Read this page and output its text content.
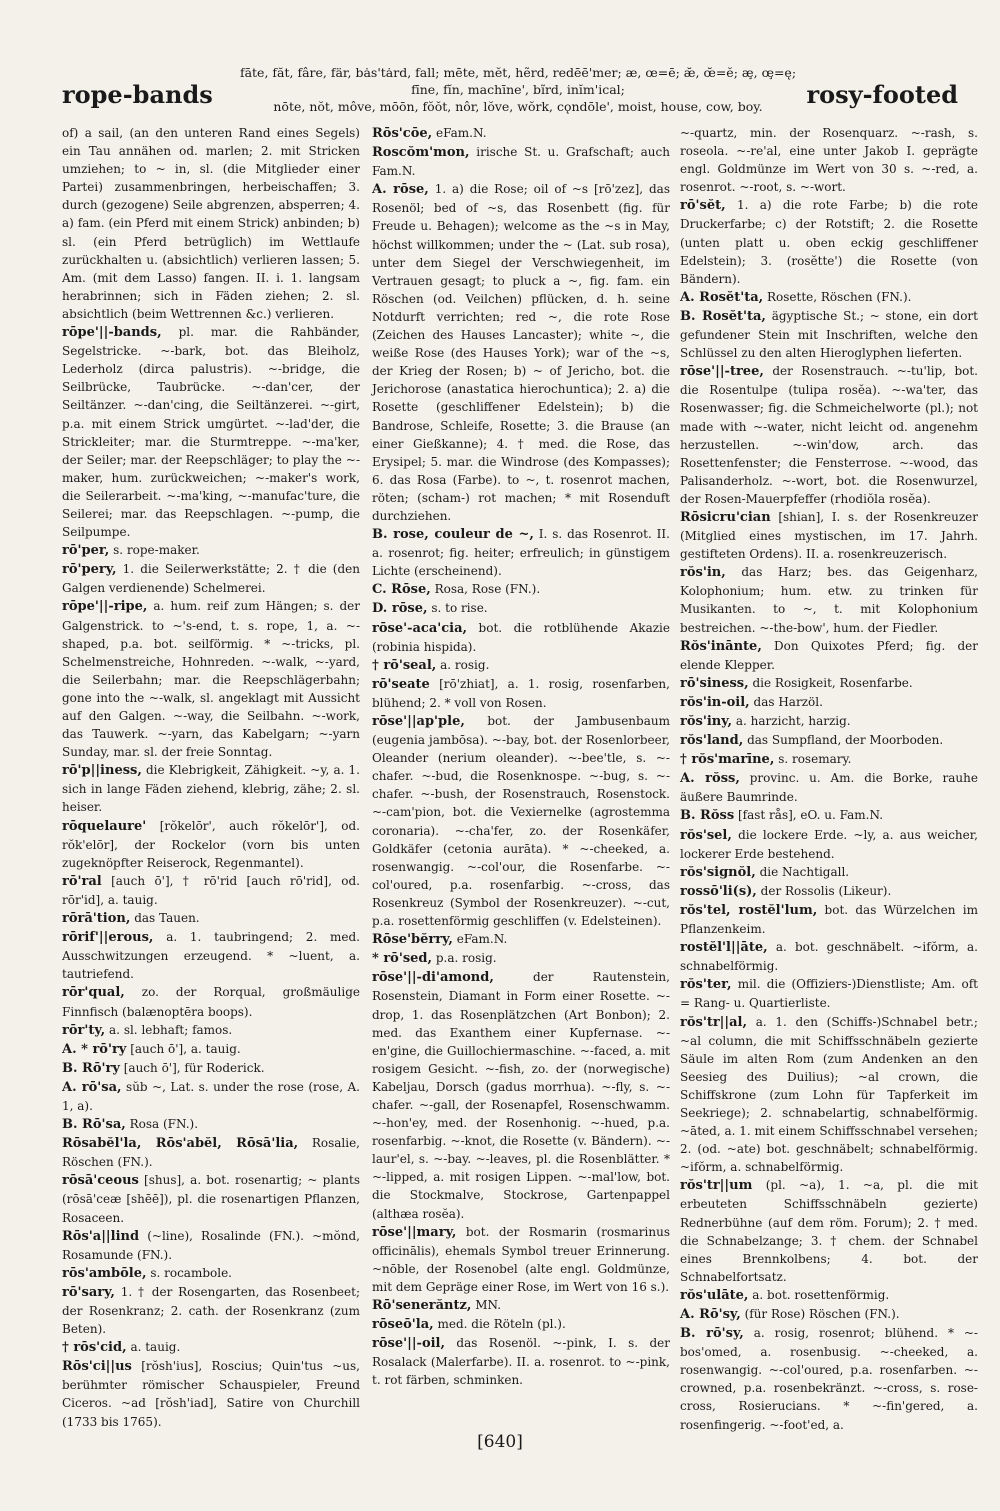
rope-bands
fāte, făt, fâre, fär, bȧs'tȧrd, fall; mēte, mĕt, hẽrd, redēē'mer; æ, œ=ē; æ̆, œ̆=ĕ; æ̧, œ̧=ę;
fīne, fĭn, machīne', bĩrd, inĭm'ical;
nōte, nŏt, môve, mōōn, fŏŏt, nôr, lŏve, wŏrk, cǫndōle', moist, house, cow, boy.	rosy-footed

of) a sail, (an den unteren Rand eines Segels) ein Tau annähen od. marlen; 2. mit Stricken umziehen; to ~ in, sl. (die Mitglieder einer Partei) zusammenbringen, herbeischaffen; 3. durch (gezogene) Seile abgrenzen, absperren; 4. a) fam. (ein Pferd mit einem Strick) anbinden; b) sl. (ein Pferd betrüglich) im Wettlaufe zurückhalten u. (absichtlich) verlieren lassen; 5. Am. (mit dem Lasso) fangen. II. i. 1. langsam herabrinnen; sich in Fäden ziehen; 2. sl. absichtlich (beim Wettrennen &c.) verlieren.

rōpe'||-bands, pl. mar. die Rahbänder, Segelstricke. ~-bark, bot. das Bleiholz, Lederholz (dirca palustris). ~-bridge, die Seilbrücke, Taubrücke. ~-dan'cer, der Seiltänzer. ~-dan'cing, die Seiltänzerei. ~-girt, p.a. mit einem Strick umgürtet. ~-lad'der, die Strickleiter; mar. die Sturmtreppe. ~-ma'ker, der Seiler; mar. der Reepschläger; to play the ~-maker, hum. zurückweichen; ~-maker's work, die Seilerarbeit. ~-ma'king, ~-manufac'ture, die Seilerei; mar. das Reepschlagen. ~-pump, die Seilpumpe.

rō'per, s. rope-maker.

rō'pery, 1. die Seilerwerkstätte; 2. † die (den Galgen verdienende) Schelmerei.

rōpe'||-ripe, a. hum. reif zum Hängen; s. der Galgenstrick. to ~'s-end, t. s. rope, 1, a. ~-shaped, p.a. bot. seilförmig. * ~-tricks, pl. Schelmenstreiche, Hohnreden. ~-walk, ~-yard, die Seilerbahn; mar. die Reepschlägerbahn; gone into the ~-walk, sl. angeklagt mit Aussicht auf den Galgen. ~-way, die Seilbahn. ~-work, das Tauwerk. ~-yarn, das Kabelgarn; ~-yarn Sunday, mar. sl. der freie Sonntag.

rō'p||iness, die Klebrigkeit, Zähigkeit. ~y, a. 1. sich in lange Fäden ziehend, klebrig, zähe; 2. sl. heiser.

rōquelaure' [rŏkelōr', auch rŏkelōr'], od. rŏk'elōr], der Rockelor (vorn bis unten zugeknöpfter Reiserock, Regenmantel).

rō'ral [auch ō'], † rō'rid [auch rō'rid], od. rōr'id], a. tauig.

rōrā'tion, das Tauen.

rōrif'||erous, a. 1. taubringend; 2. med. Ausschwitzungen erzeugend. * ~luent, a. tautriefend.

rōr'qual, zo. der Rorqual, großmäulige Finnfisch (balænoptēra boops).

rōr'ty, a. sl. lebhaft; famos.

A. * rō'ry [auch ō'], a. tauig.

B. Rō'ry [auch ō'], für Roderick.

A. rō'sa, sŭb ~, Lat. s. under the rose (rose, A. 1, a).

B. Rō'sa, Rosa (FN.).

Rōsabĕl'la, Rōs'abĕl, Rōsā'lia, Rosalie, Röschen (FN.).

rōsā'ceous [shus], a. bot. rosenartig; ~ plants (rōsā'ceæ [shēē]), pl. die rosenartigen Pflanzen, Rosaceen.

Rōs'a||lind (~line), Rosalinde (FN.). ~mŏnd, Rosamunde (FN.).

rōs'ambōle, s. rocambole.

rō'sary, 1. † der Rosengarten, das Rosenbeet; der Rosenkranz; 2. cath. der Rosenkranz (zum Beten).

† rōs'cid, a. tauig.

Rōs'ci||us [rŏsh'ius], Roscius; Quin'tus ~us, berühmter römischer Schauspieler, Freund Ciceros. ~ad [rŏsh'iad], Satire von Churchill (1733 bis 1765).

Rōs'cōe, eFam.N.

Roscŏm'mon, irische St. u. Grafschaft; auch Fam.N.

A. rōse, 1. a) die Rose; oil of ~s [rō'zez], das Rosenöl; bed of ~s, das Rosenbett (fig. für Freude u. Behagen); welcome as the ~s in May, höchst willkommen; under the ~ (Lat. sub rosa), unter dem Siegel der Verschwiegenheit, im Vertrauen gesagt; to pluck a ~, fig. fam. ein Röschen (od. Veilchen) pflücken, d. h. seine Notdurft verrichten; red ~, die rote Rose (Zeichen des Hauses Lancaster); white ~, die weiße Rose (des Hauses York); war of the ~s, der Krieg der Rosen; b) ~ of Jericho, bot. die Jerichorose (anastatica hierochuntica); 2. a) die Rosette (geschliffener Edelstein); b) die Bandrose, Schleife, Rosette; 3. die Brause (an einer Gießkanne); 4. † med. die Rose, das Erysipel; 5. mar. die Windrose (des Kompasses); 6. das Rosa (Farbe). to ~, t. rosenrot machen, röten; (scham-) rot machen; * mit Rosenduft durchziehen.

B. rose, couleur de ~, I. s. das Rosenrot. II. a. rosenrot; fig. heiter; erfreulich; in günstigem Lichte (erscheinend).

C. Rōse, Rosa, Rose (FN.).

D. rōse, s. to rise.

rōse'-aca'cia, bot. die rotblühende Akazie (robinia hispida).

† rō'seal, a. rosig.

rō'seate [rō'zhiat], a. 1. rosig, rosenfarben, blühend; 2. * voll von Rosen.

rōse'||ap'ple, bot. der Jambusenbaum (eugenia jambōsa). ~-bay, bot. der Rosenlorbeer, Oleander (nerium oleander). ~-bee'tle, s. ~-chafer. ~-bud, die Rosenknospe. ~-bug, s. ~-chafer. ~-bush, der Rosenstrauch, Rosenstock. ~-cam'pion, bot. die Vexiernelke (agrostemma coronaria). ~-cha'fer, zo. der Rosenkäfer, Goldkäfer (cetonia aurāta). * ~-cheeked, a. rosenwangig. ~-col'our, die Rosenfarbe. ~-col'oured, p.a. rosenfarbig. ~-cross, das Rosenkreuz (Symbol der Rosenkreuzer). ~-cut, p.a. rosettenförmig geschliffen (v. Edelsteinen).

Rōse'bĕrry, eFam.N.

* rō'sed, p.a. rosig.

rōse'||-di'amond,	der Rautenstein, Rosenstein, Diamant in Form einer Rosette. ~-drop, 1. das Rosenplätzchen (Art Bonbon); 2. med. das Exanthem einer Kupfernase. ~-en'gine, die Guillochiermaschine. ~-faced, a. mit rosigem Gesicht. ~-fish, zo. der (norwegische) Kabeljau, Dorsch (gadus morrhua). ~-fly, s. ~-chafer. ~-gall, der Rosenapfel, Rosenschwamm. ~-hon'ey, med. der Rosenhonig. ~-hued, p.a. rosenfarbig. ~-knot, die Rosette (v. Bändern). ~-laur'el, s. ~-bay. ~-leaves, pl. die Rosenblätter. * ~-lipped, a. mit rosigen Lippen. ~-mal'low, bot. die Stockmalve, Stockrose, Gartenpappel (althæa rosĕa).

rōse'||mary, bot. der Rosmarin (rosmarinus officinālis), ehemals Symbol treuer Erinnerung. ~nōble, der Rosenobel (alte engl. Goldmünze, mit dem Gepräge einer Rose, im Wert von 16 s.).

Rō'senerăntz, MN.

rōseō'la, med. die Röteln (pl.).

rōse'||-oil, das Rosenöl. ~-pink, I. s. der Rosalack (Malerfarbe). II. a. rosenrot. to ~-pink, t. rot färben, schminken.

~-quartz, min. der Rosenquarz. ~-rash, s. roseola. ~-re'al, eine unter Jakob I. geprägte engl. Goldmünze im Wert von 30 s. ~-red, a. rosenrot. ~-root, s. ~-wort.

rō'sĕt, 1. a) die rote Farbe; b) die rote Druckerfarbe; c) der Rotstift; 2. die Rosette (unten platt u. oben eckig geschliffener Edelstein); 3. (rosĕtte') die Rosette (von Bändern).

A. Rosĕt'ta, Rosette, Röschen (FN.).

B. Rosĕt'ta, ägyptische St.; ~ stone, ein dort gefundener Stein mit Inschriften, welche den Schlüssel zu den alten Hieroglyphen lieferten.

rōse'||-tree, der Rosenstrauch. ~-tu'lip, bot. die Rosentulpe (tulipa rosĕa). ~-wa'ter, das Rosenwasser; fig. die Schmeichelworte (pl.); not made with ~-water, nicht leicht od. angenehm herzustellen. ~-win'dow, arch. das Rosettenfenster; die Fensterrose. ~-wood, das Palisanderholz. ~-wort, bot. die Rosenwurzel, der Rosen-Mauerpfeffer (rhodiŏla rosĕa).

Rōsicru'cian [shian], I. s. der Rosenkreuzer (Mitglied eines mystischen, im 17. Jahrh. gestifteten Ordens). II. a. rosenkreuzerisch.

rŏs'in, das Harz; bes. das Geigenharz, Kolophonium; hum. etw. zu trinken für Musikanten. to ~, t. mit Kolophonium bestreichen. ~-the-bow', hum. der Fiedler.

Rŏs'inānte, Don Quixotes Pferd; fig. der elende Klepper.

rō'siness, die Rosigkeit, Rosenfarbe.

rŏs'in-oil, das Harzöl.

rŏs'iny, a. harzicht, harzig.

rŏs'land, das Sumpfland, der Moorboden.

† rŏs'marīne, s. rosemary.

A. rŏss, provinc. u. Am. die Borke, rauhe äußere Baumrinde.

B. Rŏss [fast rås], eO. u. Fam.N.

rŏs'sel, die lockere Erde. ~ly, a. aus weicher, lockerer Erde bestehend.

rŏs'signŏl, die Nachtigall.

rossō'li(s), der Rossolis (Likeur).

rŏs'tel, rostĕl'lum, bot. das Würzelchen im Pflanzenkeim.

rostĕl'l||āte, a. bot. geschnäbelt. ~ifŏrm, a. schnabelförmig.

rŏs'ter, mil. die (Offiziers-)Dienstliste; Am. oft = Rang- u. Quartierliste.

rŏs'tr||al, a. 1. den (Schiffs-)Schnabel betr.; ~al column, die mit Schiffsschnäbeln gezierte Säule im alten Rom (zum Andenken an den Seesieg des Duilius); ~al crown, die Schiffskrone (zum Lohn für Tapferkeit im Seekriege); 2. schnabelartig, schnabelförmig. ~āted, a. 1. mit einem Schiffsschnabel versehen; 2. (od. ~ate) bot. geschnäbelt; schnabelförmig. ~ifŏrm, a. schnabelförmig.

rŏs'tr||um (pl. ~a), 1. ~a, pl. die mit erbeuteten Schiffsschnäbeln gezierte) Rednerbühne (auf dem röm. Forum); 2. † med. die Schnabelzange; 3. † chem. der Schnabel eines Brennkolbens; 4. bot. der Schnabelfortsatz.

rŏs'ulāte, a. bot. rosettenförmig.

A. Rō'sy, (für Rose) Röschen (FN.).

B. rō'sy, a. rosig, rosenrot; blühend. * ~-bos'omed, a. rosenbusig. ~-cheeked, a. rosenwangig. ~-col'oured, p.a. rosenfarben. ~-crowned, p.a. rosenbekränzt. ~-cross, s. rose-cross, Rosierucians. * ~-fin'gered, a. rosenfingerig. ~-foot'ed, a.

[640]
